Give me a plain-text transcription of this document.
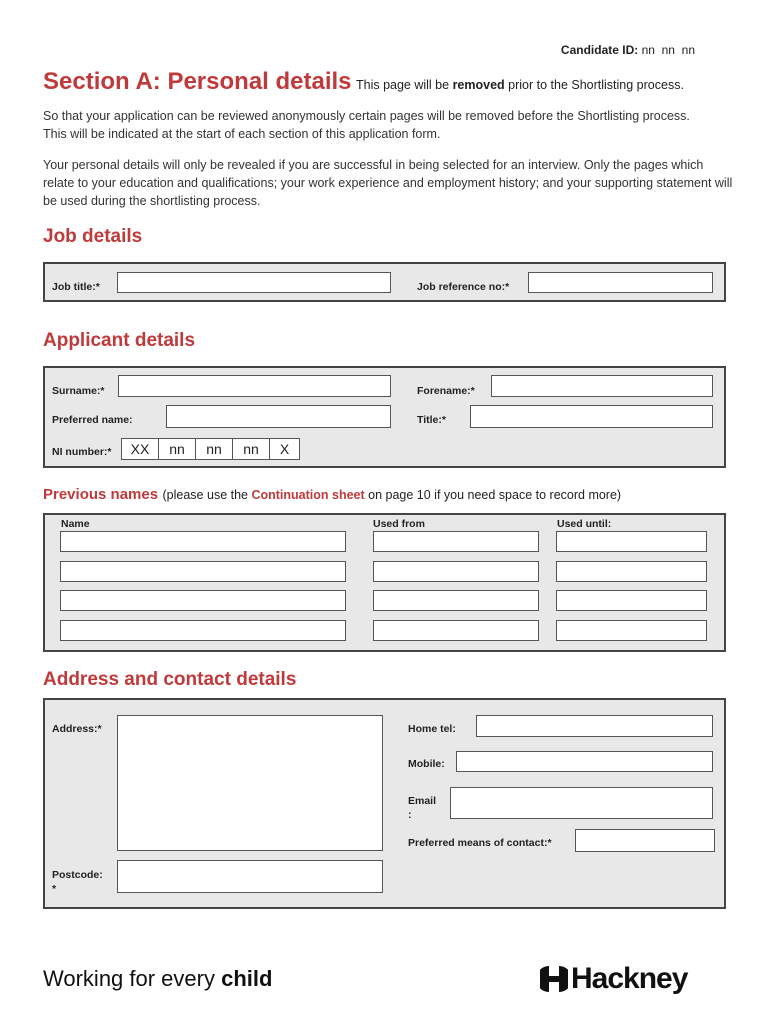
Candidate ID: nn  nn  nn
Section A: Personal details This page will be removed prior to the Shortlisting process.
So that your application can be reviewed anonymously certain pages will be removed before the Shortlisting process. This will be indicated at the start of each section of this application form.
Your personal details will only be revealed if you are successful in being selected for an interview. Only the pages which relate to your education and qualifications; your work experience and employment history; and your supporting statement will be used during the shortlisting process.
Job details
Job title:*	Job reference no:*
Applicant details
Surname:*	Forename:*
Preferred name:	Title:*
NI number:*	XX	nn	nn	nn	X
Previous names (please use the Continuation sheet on page 10 if you need space to record more)
Name	Used from	Used until:
Address and contact details
Address:*
Postcode:
*
Home tel:
Mobile:
Email
:
Preferred means of contact:*
Working for every child	Hackney
